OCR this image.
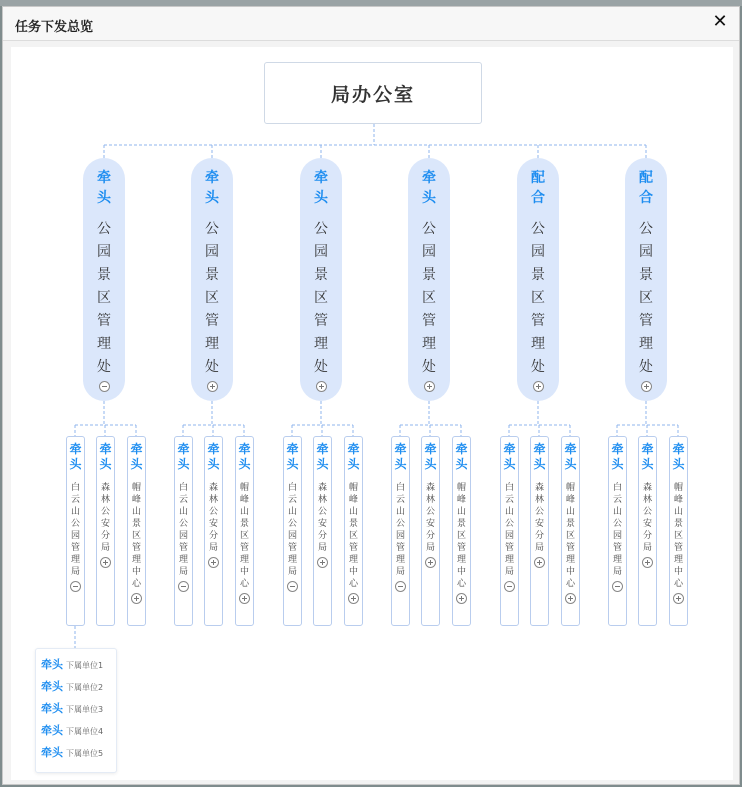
任务下发总览	✕
局办公室
牵头
公园景区管理处
牵头
白云山公园管理局
牵头
森林公安分局
牵头
帽峰山景区管理中心
牵头
公园景区管理处
牵头
白云山公园管理局
牵头
森林公安分局
牵头
帽峰山景区管理中心
牵头
公园景区管理处
牵头
白云山公园管理局
牵头
森林公安分局
牵头
帽峰山景区管理中心
牵头
公园景区管理处
牵头
白云山公园管理局
牵头
森林公安分局
牵头
帽峰山景区管理中心
配合
公园景区管理处
牵头
白云山公园管理局
牵头
森林公安分局
牵头
帽峰山景区管理中心
配合
公园景区管理处
牵头
白云山公园管理局
牵头
森林公安分局
牵头
帽峰山景区管理中心
牵头 下属单位1
牵头 下属单位2
牵头 下属单位3
牵头 下属单位4
牵头 下属单位5
